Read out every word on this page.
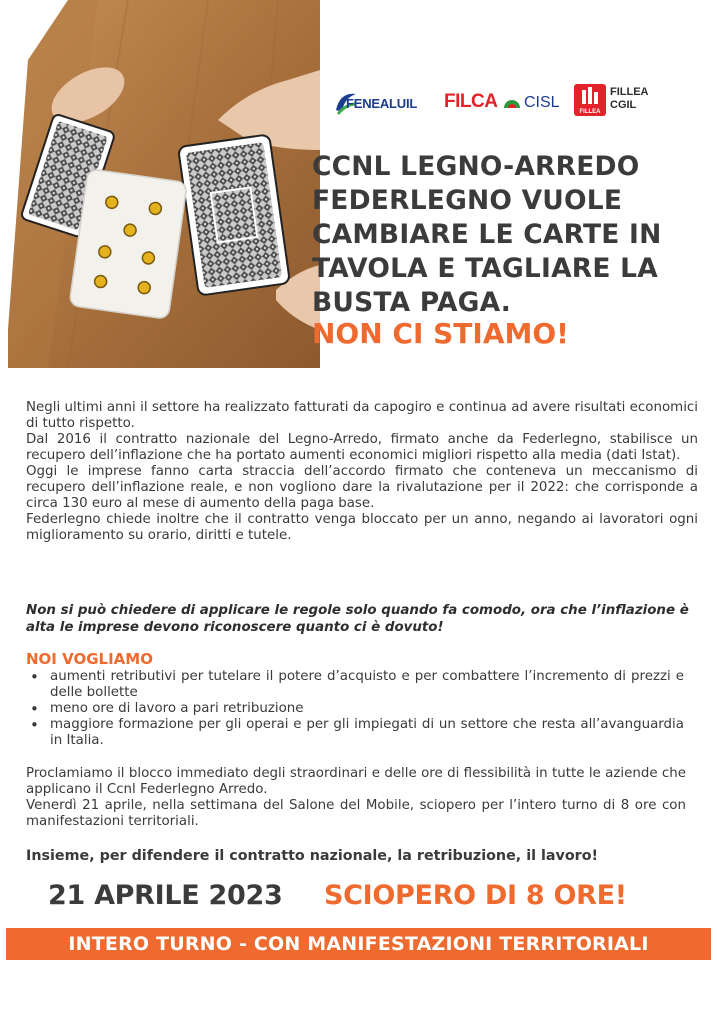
FENEALUIL FILCA CISL
FILLEA
FILLEA
CGIL
CCNL LEGNO-ARREDO
FEDERLEGNO VUOLE
CAMBIARE LE CARTE IN
TAVOLA E TAGLIARE LA
BUSTA PAGA.
NON CI STIAMO!

Negli ultimi anni il settore ha realizzato fatturati da capogiro e continua ad avere risultati economici di tutto rispetto.

Dal 2016 il contratto nazionale del Legno-Arredo, firmato anche da Federlegno, stabilisce un recupero dell’inflazione che ha portato aumenti economici migliori rispetto alla media (dati Istat).

Oggi le imprese fanno carta straccia dell’accordo firmato che conteneva un meccanismo di recupero dell’inflazione reale, e non vogliono dare la rivalutazione per il 2022: che corrisponde a circa 130 euro al mese di aumento della paga base.

Federlegno chiede inoltre che il contratto venga bloccato per un anno, negando ai lavoratori ogni miglioramento su orario, diritti e tutele.

Non si può chiedere di applicare le regole solo quando fa comodo, ora che l’inflazione è alta le imprese devono riconoscere quanto ci è dovuto!

NOI VOGLIAMO
• aumenti retributivi per tutelare il potere d’acquisto e per combattere l’incremento di prezzi e delle bollette
• meno ore di lavoro a pari retribuzione
• maggiore formazione per gli operai e per gli impiegati di un settore che resta all’avanguardia in Italia.

Proclamiamo il blocco immediato degli straordinari e delle ore di flessibilità in tutte le aziende che applicano il Ccnl Federlegno Arredo.

Venerdì 21 aprile, nella settimana del Salone del Mobile, sciopero per l’intero turno di 8 ore con manifestazioni territoriali.

Insieme, per difendere il contratto nazionale, la retribuzione, il lavoro!

21 APRILE 2023 SCIOPERO DI 8 ORE!
INTERO TURNO - CON MANIFESTAZIONI TERRITORIALI
